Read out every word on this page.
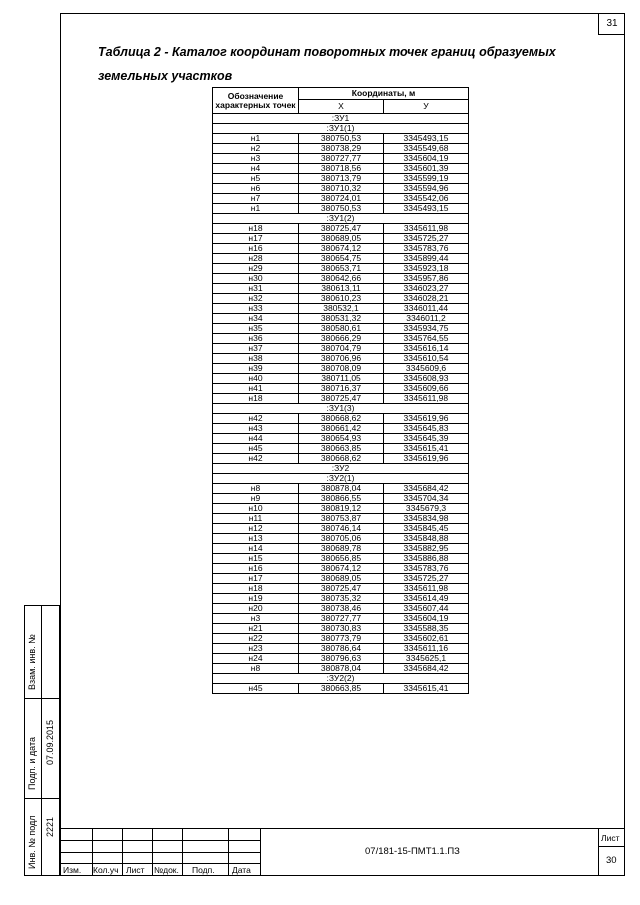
31
Таблица 2 - Каталог координат поворотных точек границ образуемых земельных участков
Обозначение характерных точек	Координаты, м	
	Х	У
:ЗУ1		
:ЗУ1(1)		
н1	380750,53	3345493,15
н2	380738,29	3345549,68
н3	380727,77	3345604,19
н4	380718,56	3345601,39
н5	380713,79	3345599,19
н6	380710,32	3345594,96
н7	380724,01	3345542,06
н1	380750,53	3345493,15
:ЗУ1(2)		
н18	380725,47	3345611,98
н17	380689,05	3345725,27
н16	380674,12	3345783,76
н28	380654,75	3345899,44
н29	380653,71	3345923,18
н30	380642,66	3345957,86
н31	380613,11	3346023,27
н32	380610,23	3346028,21
н33	380532,1	3346011,44
н34	380531,32	3346011,2
н35	380580,61	3345934,75
н36	380666,29	3345764,55
н37	380704,79	3345616,14
н38	380706,96	3345610,54
н39	380708,09	3345609,6
н40	380711,05	3345608,93
н41	380716,37	3345609,66
н18	380725,47	3345611,98
:ЗУ1(3)		
н42	380668,62	3345619,96
н43	380661,42	3345645,83
н44	380654,93	3345645,39
н45	380663,85	3345615,41
н42	380668,62	3345619,96
:ЗУ2		
:ЗУ2(1)		
н8	380878,04	3345684,42
н9	380866,55	3345704,34
н10	380819,12	3345679,3
н11	380753,87	3345834,98
н12	380746,14	3345845,45
н13	380705,06	3345848,88
н14	380689,78	3345882,95
н15	380656,85	3345886,88
н16	380674,12	3345783,76
н17	380689,05	3345725,27
н18	380725,47	3345611,98
н19	380735,32	3345614,49
н20	380738,46	3345607,44
н3	380727,77	3345604,19
н21	380730,83	3345588,35
н22	380773,79	3345602,61
н23	380786,64	3345611,16
н24	380796,63	3345625,1
н8	380878,04	3345684,42
:ЗУ2(2)		
н45	380663,85	3345615,41
Взам. инв. №
Подп. и дата 07.09.2015
Инв. № подл 2221
Изм. Кол.уч Лист №док. Подп. Дата
07/181-15-ПМТ1.1.ПЗ
Лист
30
